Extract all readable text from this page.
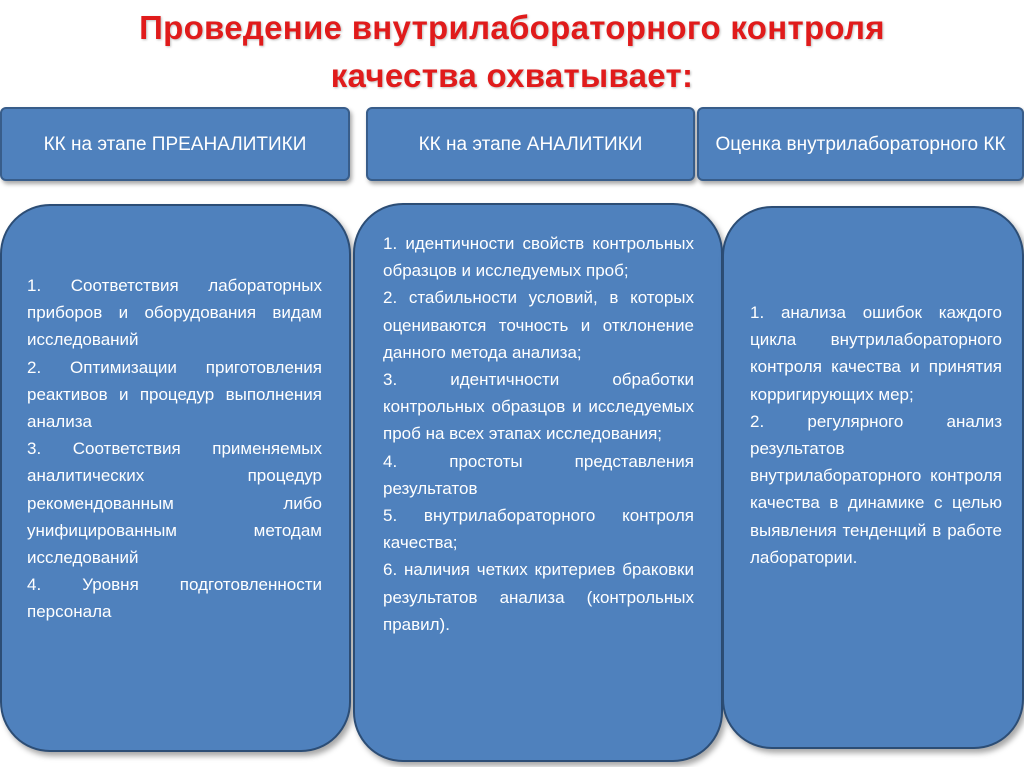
Проведение внутрилабораторного контроля
качества охватывает:
КК на этапе ПРЕАНАЛИТИКИ	КК на этапе АНАЛИТИКИ	Оценка внутрилабораторного КК

1. Соответствия лабораторных приборов и оборудования видам исследований

2. Оптимизации приготовления реактивов и процедур выполнения анализа

3. Соответствия применяемых аналитических процедур рекомендованным либо унифицированным методам исследований

4. Уровня подготовленности персонала

1. идентичности свойств контрольных образцов и исследуемых проб;

2. стабильности условий, в которых оцениваются точность и отклонение данного метода анализа;

3. идентичности обработки контрольных образцов и исследуемых проб на всех этапах исследования;

4. простоты представления результатов

5. внутрилабораторного контроля качества;

6. наличия четких критериев браковки результатов анализа (контрольных правил).

1. анализа ошибок каждого цикла внутрилабораторного контроля качества и принятия корригирующих мер;

2. регулярного анализ результатов внутрилабораторного контроля качества в динамике с целью выявления тенденций в работе лаборатории.
